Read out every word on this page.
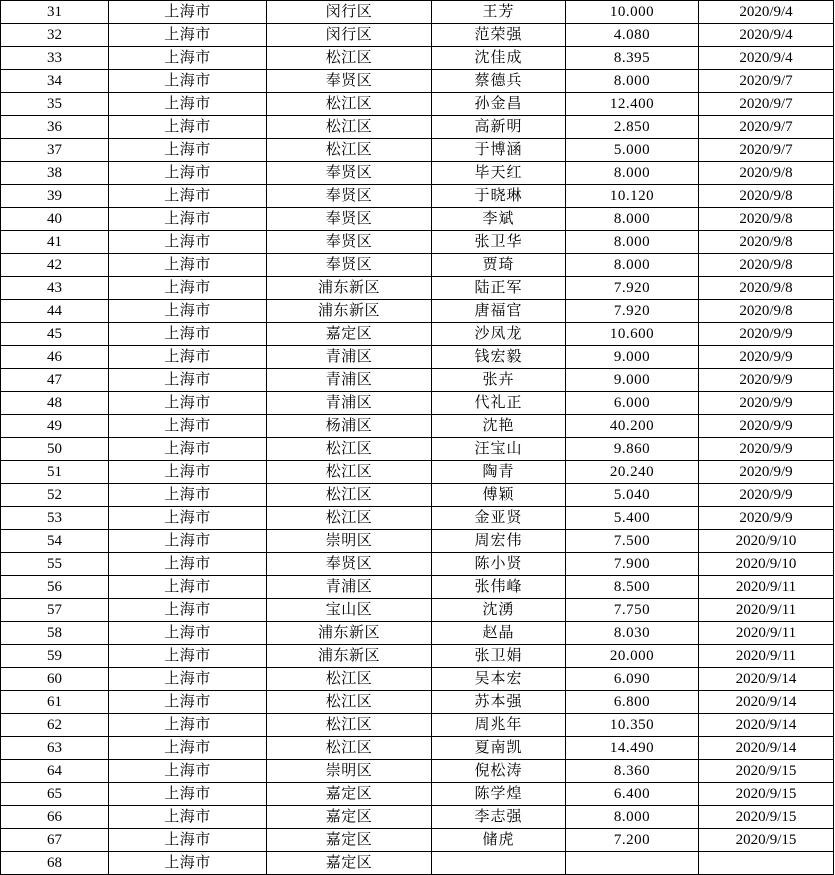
31	上海市	闵行区	王芳	10.000	2020/9/4
32	上海市	闵行区	范荣强	4.080	2020/9/4
33	上海市	松江区	沈佳成	8.395	2020/9/4
34	上海市	奉贤区	蔡德兵	8.000	2020/9/7
35	上海市	松江区	孙金昌	12.400	2020/9/7
36	上海市	松江区	高新明	2.850	2020/9/7
37	上海市	松江区	于博涵	5.000	2020/9/7
38	上海市	奉贤区	毕天红	8.000	2020/9/8
39	上海市	奉贤区	于晓琳	10.120	2020/9/8
40	上海市	奉贤区	李斌	8.000	2020/9/8
41	上海市	奉贤区	张卫华	8.000	2020/9/8
42	上海市	奉贤区	贾琦	8.000	2020/9/8
43	上海市	浦东新区	陆正军	7.920	2020/9/8
44	上海市	浦东新区	唐福官	7.920	2020/9/8
45	上海市	嘉定区	沙凤龙	10.600	2020/9/9
46	上海市	青浦区	钱宏毅	9.000	2020/9/9
47	上海市	青浦区	张卉	9.000	2020/9/9
48	上海市	青浦区	代礼正	6.000	2020/9/9
49	上海市	杨浦区	沈艳	40.200	2020/9/9
50	上海市	松江区	汪宝山	9.860	2020/9/9
51	上海市	松江区	陶青	20.240	2020/9/9
52	上海市	松江区	傅颖	5.040	2020/9/9
53	上海市	松江区	金亚贤	5.400	2020/9/9
54	上海市	崇明区	周宏伟	7.500	2020/9/10
55	上海市	奉贤区	陈小贤	7.900	2020/9/10
56	上海市	青浦区	张伟峰	8.500	2020/9/11
57	上海市	宝山区	沈湧	7.750	2020/9/11
58	上海市	浦东新区	赵晶	8.030	2020/9/11
59	上海市	浦东新区	张卫娟	20.000	2020/9/11
60	上海市	松江区	吴本宏	6.090	2020/9/14
61	上海市	松江区	苏本强	6.800	2020/9/14
62	上海市	松江区	周兆年	10.350	2020/9/14
63	上海市	松江区	夏南凯	14.490	2020/9/14
64	上海市	崇明区	倪松涛	8.360	2020/9/15
65	上海市	嘉定区	陈学煌	6.400	2020/9/15
66	上海市	嘉定区	李志强	8.000	2020/9/15
67	上海市	嘉定区	储虎	7.200	2020/9/15
68	上海市	嘉定区			
